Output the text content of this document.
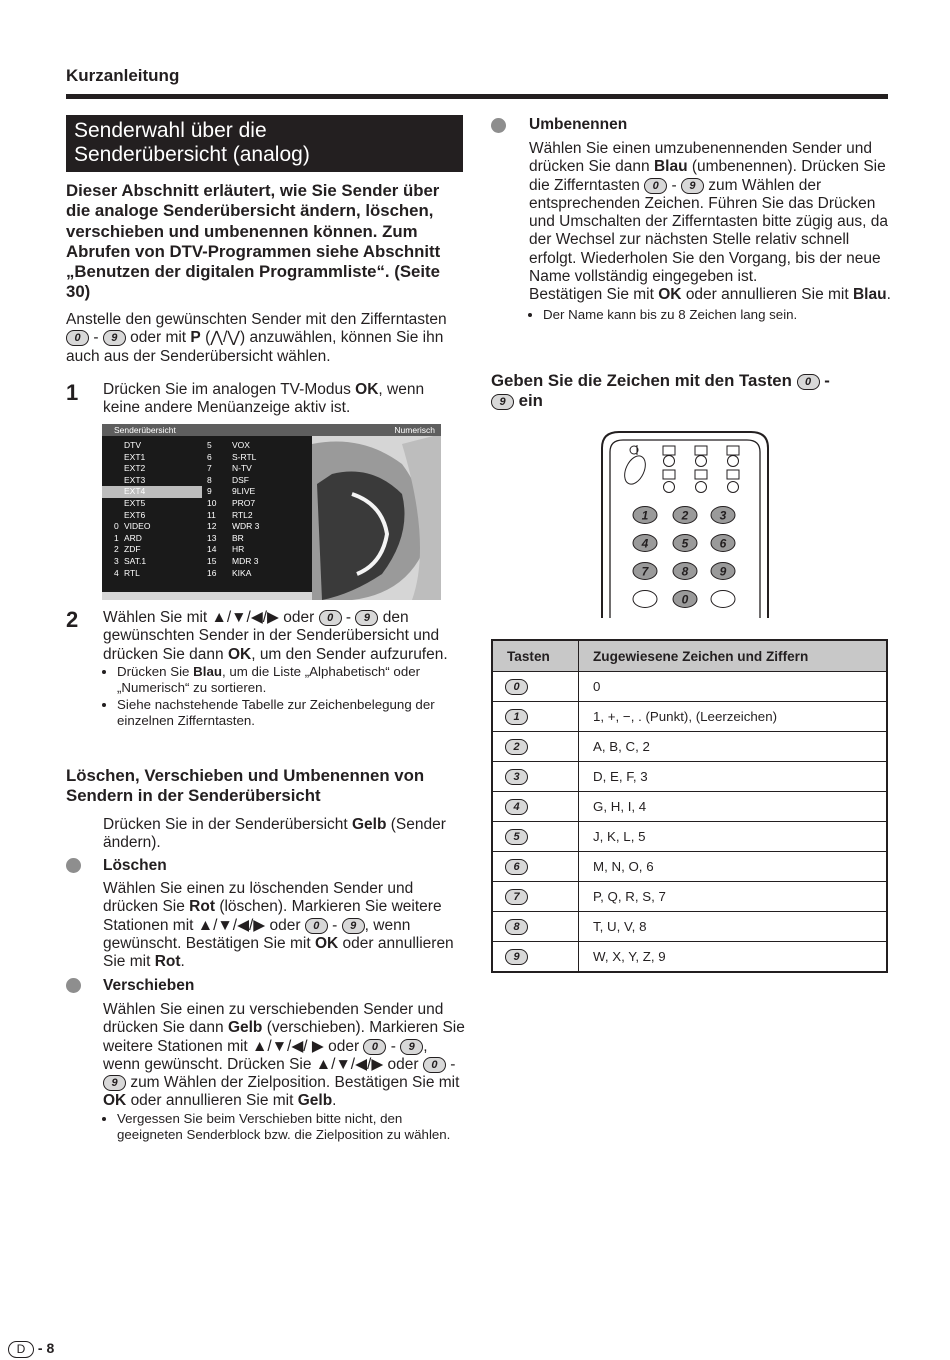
Kurzanleitung
Senderwahl über die
Senderübersicht (analog)
Dieser Abschnitt erläutert, wie Sie Sender über die analoge Senderübersicht ändern, löschen, verschieben und umbenennen können. Zum Abrufen von DTV-Programmen siehe Abschnitt „Benutzen der digitalen Programmliste“. (Seite 30)
Anstelle den gewünschten Sender mit den Zifferntasten
0 - 9 oder mit P (⋀/⋁) anzuwählen, können Sie ihn auch aus der Senderübersicht wählen.
1 Drücken Sie im analogen TV-Modus OK, wenn keine andere Menüanzeige aktiv ist.
Senderübersicht	Numerisch
DTV
EXT1
EXT2
EXT3
EXT4
EXT5
EXT6
0 VIDEO
1 ARD
2 ZDF
3 SAT.1
4 RTL
5 VOX
6 S-RTL
7 N-TV
8 DSF
9 9LIVE
10 PRO7
11 RTL2
12 WDR 3
13 BR
14 HR
15 MDR 3
16 KIKA
2 Wählen Sie mit ▲/▼/◀/▶ oder 0 - 9 den gewünschten Sender in der Senderübersicht und drücken Sie dann OK, um den Sender aufzurufen.
• Drücken Sie Blau, um die Liste „Alphabetisch“ oder „Numerisch“ zu sortieren.
• Siehe nachstehende Tabelle zur Zeichenbelegung der einzelnen Zifferntasten.
Löschen, Verschieben und Umbenennen von Sendern in der Senderübersicht
Drücken Sie in der Senderübersicht Gelb (Sender ändern).
Löschen
Wählen Sie einen zu löschenden Sender und drücken Sie Rot (löschen). Markieren Sie weitere Stationen mit ▲/▼/◀/▶ oder 0 - 9 , wenn gewünscht. Bestätigen Sie mit OK oder annullieren Sie mit Rot.
Verschieben
Wählen Sie einen zu verschiebenden Sender und drücken Sie dann Gelb (verschieben). Markieren Sie weitere Stationen mit ▲/▼/◀/ ▶ oder 0 - 9 , wenn gewünscht. Drücken Sie ▲/▼/◀/▶ oder 0 - 9 zum Wählen der Zielposition. Bestätigen Sie mit OK oder annullieren Sie mit Gelb.
• Vergessen Sie beim Verschieben bitte nicht, den geeigneten Senderblock bzw. die Zielposition zu wählen.
Umbenennen
Wählen Sie einen umzubenennenden Sender und drücken Sie dann Blau (umbenennen). Drücken Sie die Zifferntasten 0 - 9 zum Wählen der entsprechenden Zeichen. Führen Sie das Drücken und Umschalten der Zifferntasten bitte zügig aus, da der Wechsel zur nächsten Stelle relativ schnell erfolgt. Wiederholen Sie den Vorgang, bis der neue Name vollständig eingegeben ist.
Bestätigen Sie mit OK oder annullieren Sie mit Blau.
• Der Name kann bis zu 8 Zeichen lang sein.
Geben Sie die Zeichen mit den Tasten 0 -
9 ein
1	2	3
4	5	6
7	8	9
0
Tasten	Zugewiesene Zeichen und Ziffern
0	0
1	1, +, −, . (Punkt), (Leerzeichen)
2	A, B, C, 2
3	D, E, F, 3
4	G, H, I, 4
5	J, K, L, 5
6	M, N, O, 6
7	P, Q, R, S, 7
8	T, U, V, 8
9	W, X, Y, Z, 9
D - 8
